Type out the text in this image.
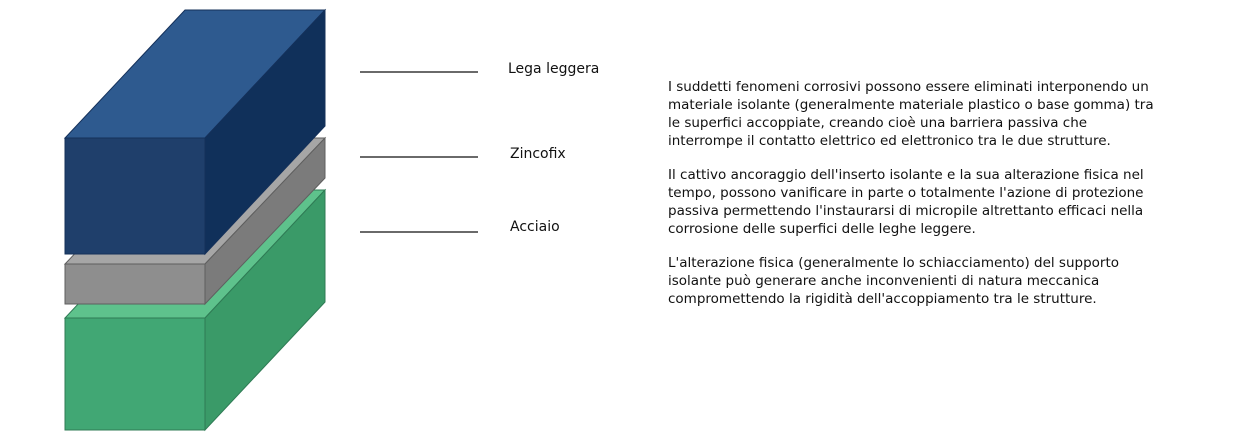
Lega leggera
Zincofix
Acciaio

I suddetti fenomeni corrosivi possono essere eliminati interponendo un
materiale isolante (generalmente materiale plastico o base gomma) tra
le superfici accoppiate, creando cioè una barriera passiva che
interrompe il contatto elettrico ed elettronico tra le due strutture.

Il cattivo ancoraggio dell'inserto isolante e la sua alterazione fisica nel
tempo, possono vanificare in parte o totalmente l'azione di protezione
passiva permettendo l'instaurarsi di micropile altrettanto efficaci nella
corrosione delle superfici delle leghe leggere.

L'alterazione fisica (generalmente lo schiacciamento) del supporto
isolante può generare anche inconvenienti di natura meccanica
compromettendo la rigidità dell'accoppiamento tra le strutture.
